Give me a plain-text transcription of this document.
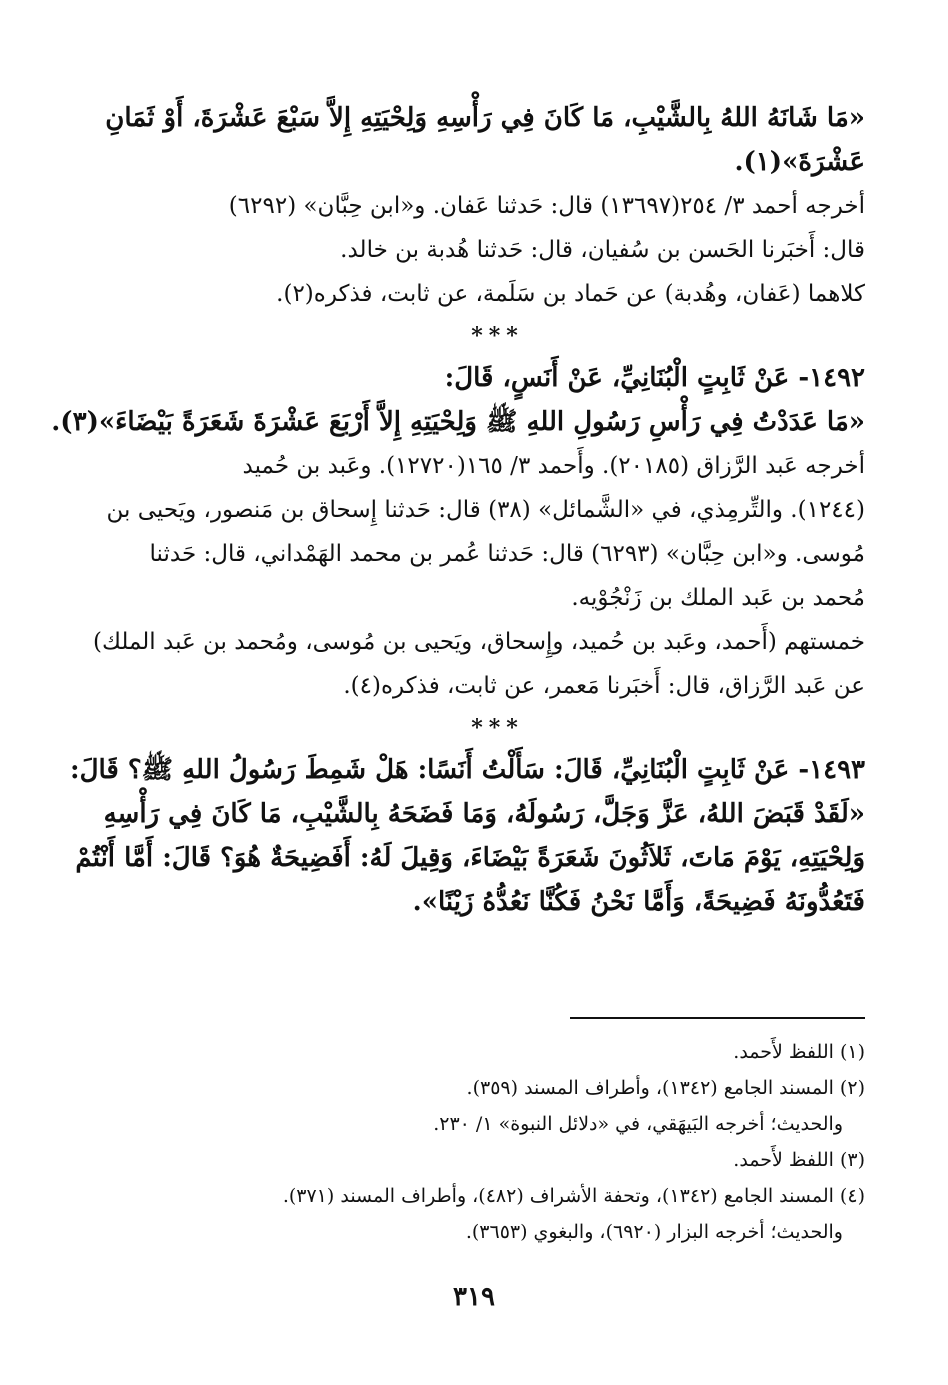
«مَا شَانَهُ اللهُ بِالشَّيْبِ، مَا كَانَ فِي رَأْسِهِ وَلِحْيَتِهِ إِلاَّ سَبْعَ عَشْرَةَ، أَوْ ثَمَانِ
عَشْرَةَ»(١).
أخرجه أحمد ٣/ ٢٥٤(١٣٦٩٧) قال: حَدثنا عَفان. و«ابن حِبَّان» (٦٢٩٢)
قال: أَخبَرنا الحَسن بن سُفيان، قال: حَدثنا هُدبة بن خالد.
كلاهما (عَفان، وهُدبة) عن حَماد بن سَلَمة، عن ثابت، فذكره(٢).
***
١٤٩٢- عَنْ ثَابِتٍ الْبُنَانِيِّ، عَنْ أَنَسٍ، قَالَ:
«مَا عَدَدْتُ فِي رَأْسِ رَسُولِ اللهِ ﷺ وَلِحْيَتِهِ إِلاَّ أَرْبَعَ عَشْرَةَ شَعَرَةً بَيْضَاءَ»(٣).
أخرجه عَبد الرَّزاق (٢٠١٨٥). وأَحمد ٣/ ١٦٥(١٢٧٢٠). وعَبد بن حُميد
(١٢٤٤). والتِّرمِذي، في «الشَّمائل» (٣٨) قال: حَدثنا إِسحاق بن مَنصور، ويَحيى بن
مُوسى. و«ابن حِبَّان» (٦٢٩٣) قال: حَدثنا عُمر بن محمد الهَمْداني، قال: حَدثنا
مُحمد بن عَبد الملك بن زَنْجُوْيه.
خمستهم (أَحمد، وعَبد بن حُميد، وإِسحاق، ويَحيى بن مُوسى، ومُحمد بن عَبد الملك)
عن عَبد الرَّزاق، قال: أَخبَرنا مَعمر، عن ثابت، فذكره(٤).
***
١٤٩٣- عَنْ ثَابِتٍ الْبُنَانِيِّ، قَالَ: سَأَلْتُ أَنَسًا: هَلْ شَمِطَ رَسُولُ اللهِ ﷺ؟ قَالَ:
«لَقَدْ قَبَضَ اللهُ، عَزَّ وَجَلَّ، رَسُولَهُ، وَمَا فَضَحَهُ بِالشَّيْبِ، مَا كَانَ فِي رَأْسِهِ
وَلِحْيَتِهِ، يَوْمَ مَاتَ، ثَلاَثُونَ شَعَرَةً بَيْضَاءَ، وَقِيلَ لَهُ: أَفَضِيحَةٌ هُوَ؟ قَالَ: أَمَّا أَنْتُمْ
فَتَعُدُّونَهُ فَضِيحَةً، وَأَمَّا نَحْنُ فَكُنَّا نَعُدُّهُ زَيْنًا».
(١) اللفظ لأَحمد.
(٢) المسند الجامع (١٣٤٢)، وأطراف المسند (٣٥٩).
والحديث؛ أخرجه البَيهَقي، في «دلائل النبوة» ١/ ٢٣٠.
(٣) اللفظ لأَحمد.
(٤) المسند الجامع (١٣٤٢)، وتحفة الأشراف (٤٨٢)، وأطراف المسند (٣٧١).
والحديث؛ أخرجه البزار (٦٩٢٠)، والبغوي (٣٦٥٣).
٣١٩
